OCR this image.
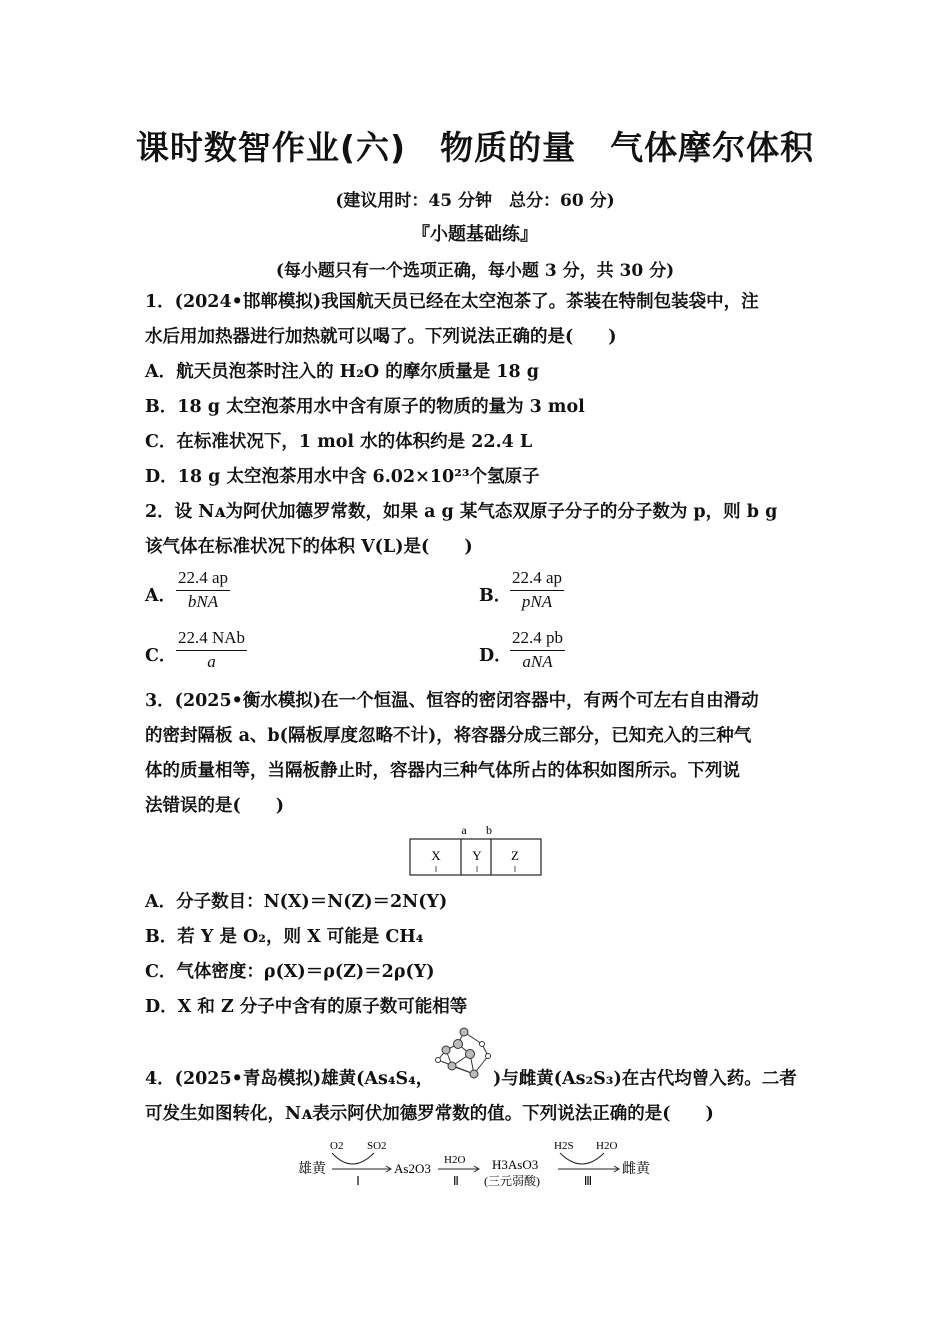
课时数智作业(六)　物质的量　气体摩尔体积
(建议用时：45 分钟　总分：60 分)
『小题基础练』
(每小题只有一个选项正确，每小题 3 分，共 30 分)
1．(2024•邯郸模拟)我国航天员已经在太空泡茶了。茶装在特制包装袋中，注
水后用加热器进行加热就可以喝了。下列说法正确的是(　　)
A．航天员泡茶时注入的 H₂O 的摩尔质量是 18 g
B．18 g 太空泡茶用水中含有原子的物质的量为 3 mol
C．在标准状况下，1 mol 水的体积约是 22.4 L
D．18 g 太空泡茶用水中含 6.02×10²³个氢原子
2．设 Nᴀ为阿伏加德罗常数，如果 a g 某气态双原子分子的分子数为 p，则 b g
该气体在标准状况下的体积 V(L)是(　　)
A．
22.4 ap
bNA	B．
22.4 ap
pNA
C．
22.4 NAb
a	D．
22.4 pb
aNA
3．(2025•衡水模拟)在一个恒温、恒容的密闭容器中，有两个可左右自由滑动
的密封隔板 a、b(隔板厚度忽略不计)，将容器分成三部分，已知充入的三种气
体的质量相等，当隔板静止时，容器内三种气体所占的体积如图所示。下列说
法错误的是(　　)
a b
X Y Z
A．分子数目：N(X)＝N(Z)＝2N(Y)
B．若 Y 是 O₂，则 X 可能是 CH₄
C．气体密度：ρ(X)＝ρ(Z)＝2ρ(Y)
D．X 和 Z 分子中含有的原子数可能相等
4．(2025•青岛模拟)雄黄(As₄S₄，	)与雌黄(As₂S₃)在古代均曾入药。二者
可发生如图转化，Nᴀ表示阿伏加德罗常数的值。下列说法正确的是(　　)
雄黄
O2 SO2
Ⅰ
As2O3
H2O
Ⅱ
H3AsO3
(三元弱酸)
H2S H2O
Ⅲ
雌黄
